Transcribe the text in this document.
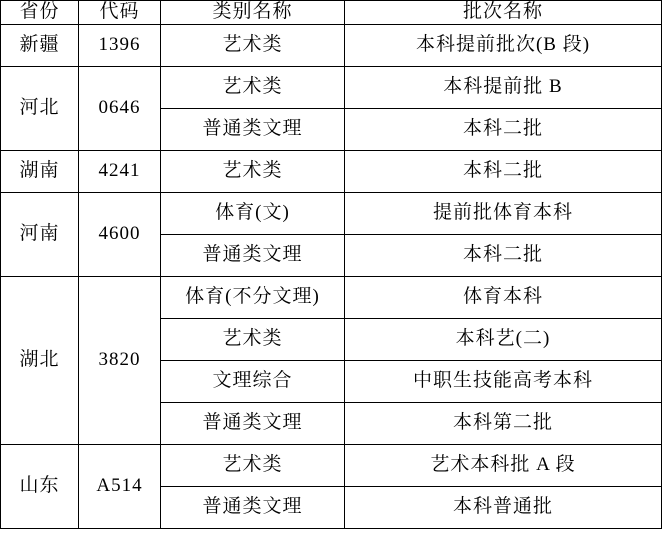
省份	代码	类别名称	批次名称
新疆	1396	艺术类	本科提前批次(B 段)
河北	0646	艺术类	本科提前批 B
		普通类文理	本科二批
湖南	4241	艺术类	本科二批
河南	4600	体育(文)	提前批体育本科
		普通类文理	本科二批
湖北	3820	体育(不分文理)	体育本科
		艺术类	本科艺(二)
		文理综合	中职生技能高考本科
		普通类文理	本科第二批
山东	A514	艺术类	艺术本科批 A 段
		普通类文理	本科普通批
